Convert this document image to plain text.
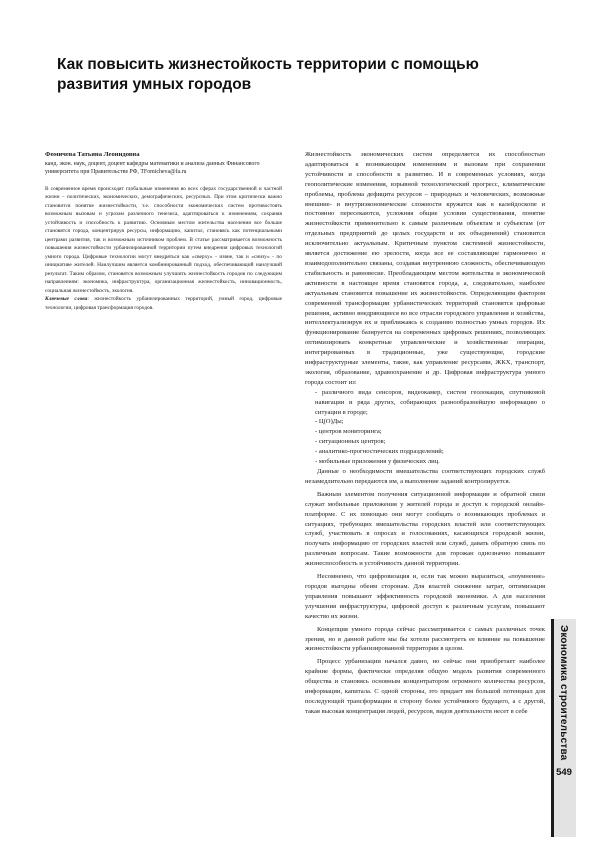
Как повысить жизнестойкость территории с помощью развития умных городов
Фомичева Татьяна Леонидовна
канд. экон. наук, доцент, доцент кафедры математики и анализа данных Финансового университета при Правительстве РФ, TFomicheva@fa.ru
В современное время происходят глобальные изменения во всех сферах государственной и частной жизни – политических, экономических, демографических, ресурсных. При этом критически важно становится понятие жизнестойкости, т.е. способности экономических систем противостоять возможным вызовам и угрозам различного генезиса, адаптироваться к изменениям, сохраняя устойчивость и способность к развитию. Основным местом жительства населения все больше становятся города, концентрируя ресурсы, информацию, капитал, становясь как потенциальными центрами развития, так и возможным источником проблем. В статье рассматривается возможность повышения жизнестойкости урбанизированной территории путем внедрения цифровых технологий умного города. Цифровые технологии могут внедряться как «сверху» - извне, так и «снизу» - по инициативе жителей. Наилучшим является комбинированный подход, обеспечивающий наилучший результат. Таким образом, становятся возможным улучшить жизнестойкость городов по следующим направлениям: экономика, инфраструктура, организационная жизнестойкость, инновационность, социальная жизнестойкость, экология.
Ключевые слова: жизнестойкость урбанизированных территорий, умный город, цифровые технологии, цифровая трансформация городов.

Жизнестойкость экономических систем определяется их способностью адаптироваться к возникающим изменениям и вызовам при сохранении устойчивости и способности к развитию. И в современных условиях, когда геополитические изменения, взрывной технологический прогресс, климатические проблемы, проблема дефицита ресурсов – природных и человеческих, возможные внешние- и внутриэкономические сложности кружатся как в калейдоскопе и постоянно пересекаются, усложняя общие условия существования, понятие жизнестойкости применительно к самым различным объектам и субъектам (от отдельных предприятий до целых государств и их объединений) становится исключительно актуальным. Критичным пунктом системной жизнестойкости, является достижение ею зрелости, когда все ее составляющие гармонично и взаимодополнительно связаны, создавая внутреннюю сложность, обеспечивающую стабильность и равновесие. Преобладающим местом жительства и экономической активности в настоящее время становятся города, а, следовательно, наиболее актуальным становится повышение их жизнестойкости. Определяющим фактором современной трансформации урбанистических территорий становятся цифровые решения, активно внедряющиеся во все отрасли городского управления и хозяйства, интеллектуализируя их и приближаясь к созданию полностью умных городов. Их функционирование базируется на современных цифровых решениях, позволяющих оптимизировать конкретные управленческие и хозяйственные операции, интегрированных в традиционные, уже существующие, городские инфраструктурные элементы, такие, как управление ресурсами, ЖКХ, транспорт, экология, образование, здравоохранение и др. Цифровая инфраструктура умного города состоит из:

- различного вида сенсоров, видеокамер, систем геолокации, спутниковой навигации и ряда других, собирающих разнообразнейшую информацию о ситуации в городе;
- Ц(О)Ды;
- центров мониторинга;
- ситуационных центров;
- аналитико-прогностических подразделений;
- мобильные приложения у физических лиц.

Данные о необходимости вмешательства соответствующих городских служб незамедлительно передаются им, а выполнение заданий контролируется.

Важным элементом получения ситуационной информации и обратной связи служат мобильные приложения у жителей города и доступ к городской онлайн-платформе. С их помощью они могут сообщать о возникающих проблемах и ситуациях, требующих вмешательства городских властей или соответствующих служб, участвовать в опросах и голосованиях, касающихся городской жизни, получать информацию от городских властей или служб, давать обратную связь по различным вопросам. Такие возможности для горожан однозначно повышают жизнеспособность и устойчивость данной территории.

Несомненно, что цифровизация и, если так можно выразиться, «поумнение» городов выгодны обеим сторонам. Для властей снижение затрат, оптимизация управления повышают эффективность городской экономики. А для населения улучшения инфраструктуры, цифровой доступ к различным услугам, повышают качество их жизни.

Концепция умного города сейчас рассматривается с самых различных точек зрения, но в данной работе мы бы хотели рассмотреть ее влияние на повышение жизнестойкости урбанизированной территории в целом.

Процесс урбанизации начался давно, но сейчас они приобретает наиболее крайние формы, фактически определяя общую модель развития современного общества и становясь основным концентратором огромного количества ресурсов, информации, капитала. С одной стороны, это придает им большой потенциал для последующей трансформации в сторону более устойчивого будущего, а с другой, такая высокая концентрация людей, ресурсов, видов деятельности несет в себе	Экономика строительства
549
